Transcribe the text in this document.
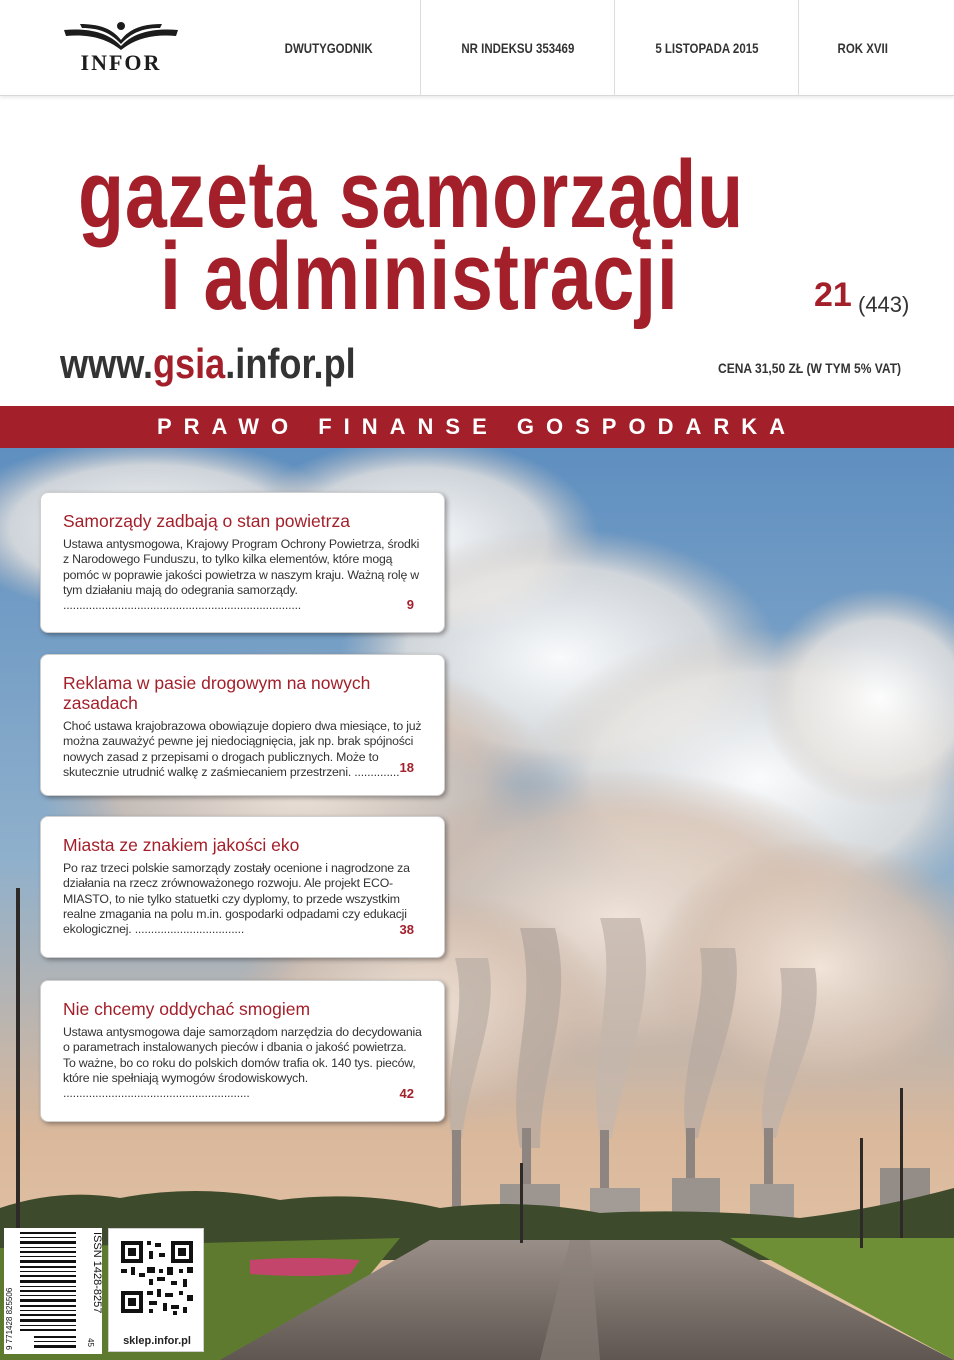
INFOR
DWUTYGODNIK	NR INDEKSU 353469	5 LISTOPADA 2015	ROK XVII
gazeta samorządu
i administracji	21 (443)
www.gsia.infor.pl	CENA 31,50 ZŁ (W TYM 5% VAT)
PRAWO FINANSE GOSPODARKA
Samorządy zadbają o stan powietrza

Ustawa antysmogowa, Krajowy Program Ochrony Powietrza, środki z Narodowego Funduszu, to tylko kilka elementów, które mogą pomóc w poprawie jakości powietrza w naszym kraju. Ważną rolę w tym działaniu mają do odegrania samorządy. ..........................................................................	9
Reklama w pasie drogowym na nowych zasadach

Choć ustawa krajobrazowa obowiązuje dopiero dwa miesiące, to już można zauważyć pewne jej niedociągnięcia, jak np. brak spójności nowych zasad z przepisami o drogach publicznych. Może to skutecznie utrudnić walkę z zaśmiecaniem przestrzeni. .............. 18
Miasta ze znakiem jakości eko

Po raz trzeci polskie samorządy zostały ocenione i nagrodzone za działania na rzecz zrównoważonego rozwoju. Ale projekt ECO-MIASTO, to nie tylko statuetki czy dyplomy, to przede wszystkim realne zmagania na polu m.in. gospodarki odpadami czy edukacji ekologicznej. ..................................	38
Nie chcemy oddychać smogiem

Ustawa antysmogowa daje samorządom narzędzia do decydowania o parametrach instalowanych pieców i dbania o jakość powietrza. To ważne, bo co roku do polskich domów trafia ok. 140 tys. pieców, które nie spełniają wymogów środowiskowych. ..........................................................	42
ISSN 1428-8257
9 771428 825506	45	sklep.infor.pl
